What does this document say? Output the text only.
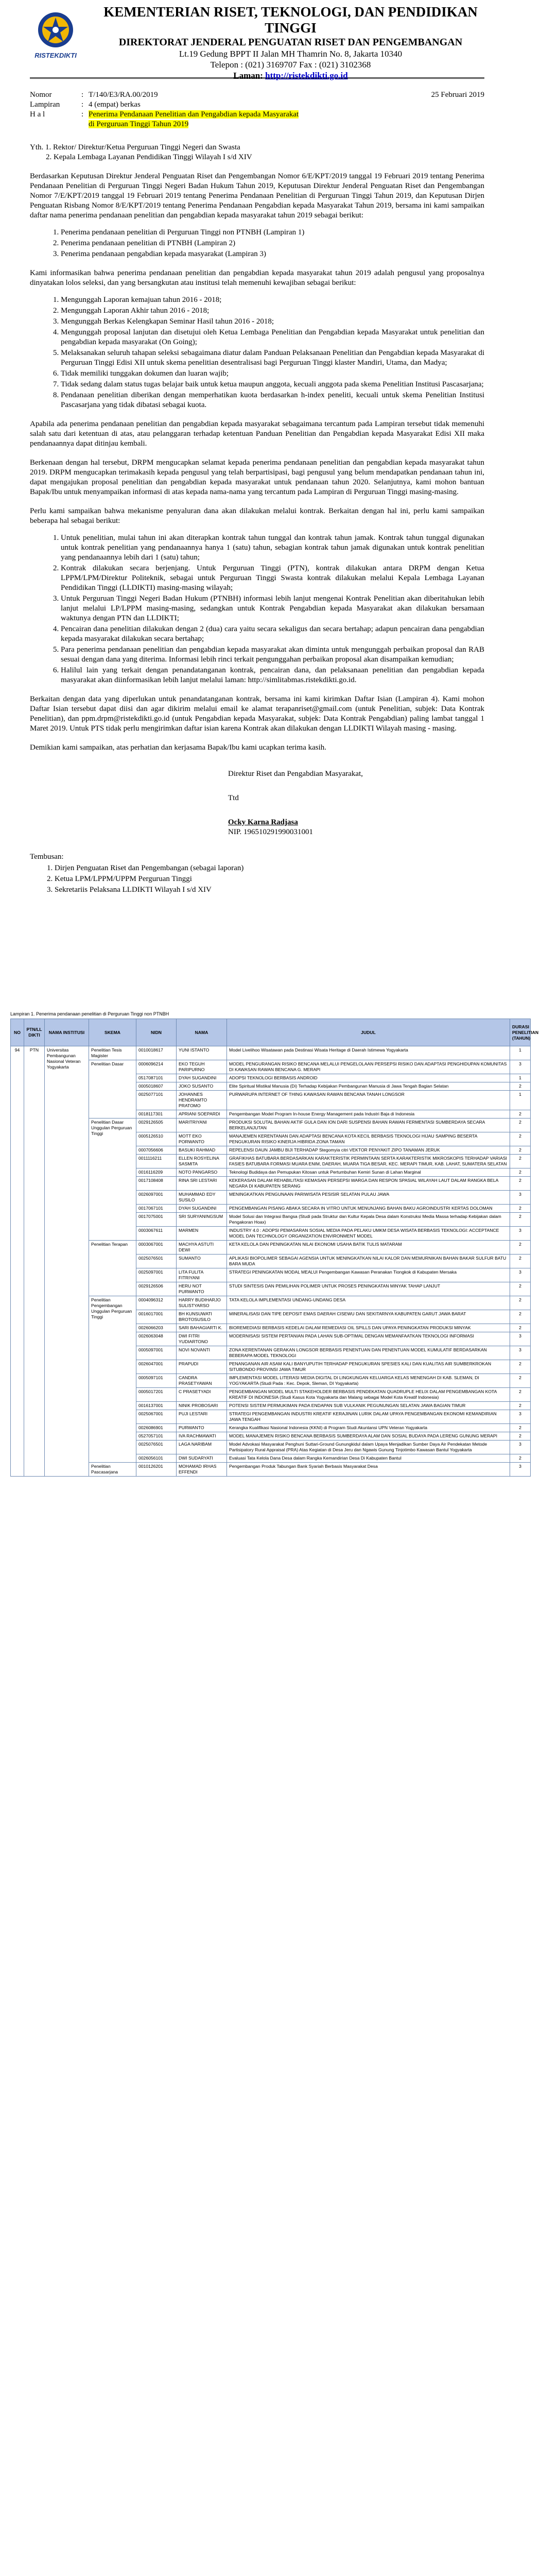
RISTEKDIKTI
KEMENTERIAN RISET, TEKNOLOGI, DAN PENDIDIKAN TINGGI
DIREKTORAT JENDERAL PENGUATAN RISET DAN PENGEMBANGAN
Lt.19 Gedung BPPT II Jalan MH Thamrin No. 8, Jakarta 10340
Telepon : (021) 3169707 Fax : (021) 3102368
Laman: http://ristekdikti.go.id
25 Februari 2019
Nomor	: T/140/E3/RA.00/2019
Lampiran	: 4 (empat) berkas
H a l	: Penerima Pendanaan Penelitian dan Pengabdian kepada Masyarakat
di Perguruan Tinggi Tahun 2019

Yth. 1. Rektor/ Direktur/Ketua Perguruan Tinggi Negeri dan Swasta

2. Kepala Lembaga Layanan Pendidikan Tinggi Wilayah I s/d XIV

Berdasarkan Keputusan Direktur Jenderal Penguatan Riset dan Pengembangan Nomor 6/E/KPT/2019 tanggal 19 Februari 2019 tentang Penerima Pendanaan Penelitian di Perguruan Tinggi Negeri Badan Hukum Tahun 2019, Keputusan Direktur Jenderal Penguatan Riset dan Pengembangan Nomor 7/E/KPT/2019 tanggal 19 Februari 2019 tentang Penerima Pendanaan Penelitian di Perguruan Tinggi Tahun 2019, dan Keputusan Dirjen Penguatan Risbang Nomor 8/E/KPT/2019 tentang Penerima Pendanaan Pengabdian kepada Masyarakat Tahun 2019, bersama ini kami sampaikan daftar nama penerima pendanaan penelitian dan pengabdian kepada masyarakat tahun 2019 sebagai berikut:

1. Penerima pendanaan penelitian di Perguruan Tinggi non PTNBH (Lampiran 1)
2. Penerima pendanaan penelitian di PTNBH (Lampiran 2)
3. Penerima pendanaan pengabdian kepada masyarakat (Lampiran 3)

Kami informasikan bahwa penerima pendanaan penelitian dan pengabdian kepada masyarakat tahun 2019 adalah pengusul yang proposalnya dinyatakan lolos seleksi, dan yang bersangkutan atau institusi telah memenuhi kewajiban sebagai berikut:

1. Mengunggah Laporan kemajuan tahun 2016 - 2018;
2. Mengunggah Laporan Akhir tahun 2016 - 2018;
3. Mengunggah Berkas Kelengkapan Seminar Hasil tahun 2016 - 2018;
4. Mengunggah proposal lanjutan dan disetujui oleh Ketua Lembaga Penelitian dan Pengabdian kepada Masyarakat untuk penelitian dan pengabdian kepada masyarakat (On Going);
5. Melaksanakan seluruh tahapan seleksi sebagaimana diatur dalam Panduan Pelaksanaan Penelitian dan Pengabdian kepada Masyarakat di Perguruan Tinggi Edisi XII untuk skema penelitian desentralisasi bagi Perguruan Tinggi klaster Mandiri, Utama, dan Madya;
6. Tidak memiliki tunggakan dokumen dan luaran wajib;
7. Tidak sedang dalam status tugas belajar baik untuk ketua maupun anggota, kecuali anggota pada skema Penelitian Institusi Pascasarjana;
8. Pendanaan penelitian diberikan dengan memperhatikan kuota berdasarkan h-index peneliti, kecuali untuk skema Penelitian Institusi Pascasarjana yang tidak dibatasi sebagai kuota.

Apabila ada penerima pendanaan penelitian dan pengabdian kepada masyarakat sebagaimana tercantum pada Lampiran tersebut tidak memenuhi salah satu dari ketentuan di atas, atau pelanggaran terhadap ketentuan Panduan Penelitian dan Pengabdian kepada Masyarakat Edisi XII maka pendanaannya dapat ditinjau kembali.

Berkenaan dengan hal tersebut, DRPM mengucapkan selamat kepada penerima pendanaan penelitian dan pengabdian kepada masyarakat tahun 2019. DRPM mengucapkan terimakasih kepada pengusul yang telah berpartisipasi, bagi pengusul yang belum mendapatkan pendanaan tahun ini, dapat mengajukan proposal penelitian dan pengabdian kepada masyarakat untuk pendanaan tahun 2020. Selanjutnya, kami mohon bantuan Bapak/Ibu untuk menyampaikan informasi di atas kepada nama-nama yang tercantum pada Lampiran di Perguruan Tinggi masing-masing.

Perlu kami sampaikan bahwa mekanisme penyaluran dana akan dilakukan melalui kontrak. Berkaitan dengan hal ini, perlu kami sampaikan beberapa hal sebagai berikut:

1. Untuk penelitian, mulai tahun ini akan diterapkan kontrak tahun tunggal dan kontrak tahun jamak. Kontrak tahun tunggal digunakan untuk kontrak penelitian yang pendanaannya hanya 1 (satu) tahun, sebagian kontrak tahun jamak digunakan untuk kontrak penelitian yang pendanaannya lebih dari 1 (satu) tahun;
2. Kontrak dilakukan secara berjenjang. Untuk Perguruan Tinggi (PTN), kontrak dilakukan antara DRPM dengan Ketua LPPM/LPM/Direktur Politeknik, sebagai untuk Perguruan Tinggi Swasta kontrak dilakukan melalui Kepala Lembaga Layanan Pendidikan Tinggi (LLDIKTI) masing-masing wilayah;
3. Untuk Perguruan Tinggi Negeri Badan Hukum (PTNBH) informasi lebih lanjut mengenai Kontrak Penelitian akan diberitahukan lebih lanjut melalui LP/LPPM masing-masing, sedangkan untuk Kontrak Pengabdian kepada Masyarakat akan dilakukan bersamaan waktunya dengan PTN dan LLDIKTI;
4. Pencairan dana penelitian dilakukan dengan 2 (dua) cara yaitu secara sekaligus dan secara bertahap; adapun pencairan dana pengabdian kepada masyarakat dilakukan secara bertahap;
5. Para penerima pendanaan penelitian dan pengabdian kepada masyarakat akan diminta untuk mengunggah perbaikan proposal dan RAB sesuai dengan dana yang diterima. Informasi lebih rinci terkait pengunggahan perbaikan proposal akan disampaikan kemudian;
6. Halilul lain yang terkait dengan penandatanganan kontrak, pencairan dana, dan pelaksanaan penelitian dan pengabdian kepada masyarakat akan diinformasikan lebih lanjut melalui laman: http://simlitabmas.ristekdikti.go.id.

Berkaitan dengan data yang diperlukan untuk penandatanganan kontrak, bersama ini kami kirimkan Daftar Isian (Lampiran 4). Kami mohon Daftar Isian tersebut dapat diisi dan agar dikirim melalui email ke alamat terapanriset@gmail.com (untuk Penelitian, subjek: Data Kontrak Penelitian), dan ppm.drpm@ristekdikti.go.id (untuk Pengabdian kepada Masyarakat, subjek: Data Kontrak Pengabdian) paling lambat tanggal 1 Maret 2019. Untuk PTS tidak perlu mengirimkan daftar isian karena Kontrak akan dilakukan dengan LLDIKTI Wilayah masing - masing.

Demikian kami sampaikan, atas perhatian dan kerjasama Bapak/Ibu kami ucapkan terima kasih.

Direktur Riset dan Pengabdian Masyarakat,
Ttd
Ocky Karna Radjasa
NIP. 196510291990031001
Tembusan:
1. Dirjen Penguatan Riset dan Pengembangan (sebagai laporan)
2. Ketua LPM/LPPM/UPPM Perguruan Tinggi
3. Sekretariis Pelaksana LLDIKTI Wilayah I s/d XIV
Lampiran 1. Penerima pendanaan penelitian di Perguruan Tinggi non PTNBH
NO	PTN/LL DIKTI	NAMA INSTITUSI	SKEMA	NIDN	NAMA	JUDUL	DURASI PENELITIAN (TAHUN)
94	PTN	Universitas Pembangunan Nasional Veteran Yogyakarta	Penelitian Tesis Magister	0010018617	YUNI ISTANTO	Model Livelihoo Wisatawan pada Destinasi Wisata Heritage di Daerah Istimewa Yogyakarta	1
			Penelitian Dasar	0006096214	EKO TEGUH PARIPURNO	MODEL PENGURANGAN RISIKO BENCANA MELALUI PENGELOLAAN PERSEPSI RISIKO DAN ADAPTASI PENGHIDUPAN KOMUNITAS DI KAWASAN RAWAN BENCANA G. MERAPI	3
				0517087101	DYAH SUGANDINI	ADOPSI TEKNOLOGI BERBASIS ANDROID	1
				0005018607	JOKO SUSANTO	Elite Spiritual Mistikal Manusia (Di) Terhadap Kebijakan Pembangunan Manusia di Jawa Tengah Bagian Selatan	2
				0025077101	JOHANNES HENDRAMTO PRATOMO	PURWARUPA INTERNET OF THING KAWASAN RAWAN BENCANA TANAH LONGSOR	1
				0018117301	APRIANI SOEPARDI	Pengembangan Model Program In-house Energy Management pada Industri Baja di Indonesia	2
			Penelitian Dasar Unggulan Perguruan Tinggi	0029126505	MARITRIYANI	PRODUKSI SOLUTAL BAHAN AKTIF GULA DAN ION DARI SUSPENSI BAHAN RAWAN FERMENTASI SUMBERDAYA SECARA BERKELANJUTAN	2
				0005126510	MOTT EKO PORWANTO	MANAJEMEN KERENTANAN DAN ADAPTASI BENCANA KOTA KECIL BERBASIS TEKNOLOGI HIJAU SAMPING BESERTA PENGUKURAN RISIKO KINERJA HIBRIDA ZONA TAMAN	2
				0007056606	BASUKI RAHMAD	REPELENSI DAUN JAMBU BIJI TERHADAP Stegomyia citri VEKTOR PENYAKIT ZIPO TANAMAN JERUK	2
				0011116211	ELLEN ROSYELINA SASMITA	GRAFIKHAS BATUBARA BERDASARKAN KARAKTERISTIK PERMINTAAN SERTA KARAKTERISTIK MIKROSKOPIS TERHADAP VARIASI FASIES BATUBARA FORMASI MUARA ENIM, DAERAH, MUARA TIGA BESAR, KEC. MERAPI TIMUR, KAB. LAHAT, SUMATERA SELATAN	2
				0016116209	NOTO PANGARSO	Teknologi Budidaya dan Pemupukan Kitosan untuk Pertumbuhan Kemiri Sunan di Lahan Marginal	2
				0017108408	RINA SRI LESTARI	KEKERASAN DALAM REHABILITASI KEMASAN PERSEPSI WARGA DAN RESPON SPASIAL WILAYAH LAUT DALAM RANGKA BELA NEGARA DI KABUPATEN SERANG	2
				0026097001	MUHAMMAD EDY SUSILO	MENINGKATKAN PENGUNAAN PARIWISATA PESISIR SELATAN PULAU JAWA	3
				0017067101	DYAH SUGANDINI	PENGEMBANGAN PISANG ABAKA SECARA IN VITRO UNTUK MENUNJANG BAHAN BAKU AGROINDUSTRI KERTAS DOLOMAN	2
				0017075001	SRI SURYANINGSUM	Model Solusi dan Integrasi Bangsa (Studi pada Struktur dan Kultur Kepala Desa dalam Konstruksi Media Massa terhadap Kebijakan dalam Pengakoran Hoax)	2
				0003067611	MARMEN	INDUSTRY 4.0 : ADOPSI PEMASARAN SOSIAL MEDIA PADA PELAKU UMKM DESA WISATA BERBASIS TEKNOLOGI: ACCEPTANCE MODEL DAN TECHNOLOGY ORGANIZATION ENVIRONMENT MODEL	3
			Penelitian Terapan	0003067001	MACHYA ASTUTI DEWI	KETA KELOLA DAN PENINGKATAN NILAI EKONOMI USAHA BATIK TULIS MATARAM	2
				0025076501	SUMANTO	APLIKASI BIOPOLIMER SEBAGAI AGENSIA UNTUK MENINGKATKAN NILAI KALOR DAN MEMURNIKAN BAHAN BAKAR SULFUR BATU BARA MUDA	2
				0025097001	LITA FULITA FITRIYANI	STRATEGI PENINGKATAN MODAL MEALUI Pengembangan Kawasan Peranakan Tiongkok di Kabupaten Mersaka	3
				0029126506	HERU NOT PURWANTO	STUDI SINTESIS DAN PEMILIHAN POLIMER UNTUK PROSES PENINGKATAN MINYAK TAHAP LANJUT	2
			Penelitian Pengembangan Unggulan Perguruan Tinggi	0004096312	HARRY BUDIHARJO SULISTYARSO	TATA KELOLA IMPLEMENTASI UNDANG-UNDANG DESA	2
				0016017001	BH KUNSUWATI BROTOSUSILO	MINERALISASI DAN TIPE DEPOSIT EMAS DAERAH CISEWU DAN SEKITARNYA KABUPATEN GARUT JAWA BARAT	2
				0026066203	SARI BAHAGIARTI K.	BIOREMEDIASI BERBASIS KEDELAI DALAM REMEDIASI OIL SPILLS DAN UPAYA PENINGKATAN PRODUKSI MINYAK	2
				0026063048	DWI FITRI YUDIARTONO	MODERNISASI SISTEM PERTANIAN PADA LAHAN SUB-OPTIMAL DENGAN MEMANFAATKAN TEKNOLOGI INFORMASI	3
				0005097001	NOVI NOVANTI	ZONA KERENTANAN GERAKAN LONGSOR BERBASIS PENENTUAN DAN PENENTUAN MODEL KUMULATIF BERDASARKAN BEBERAPA MODEL TEKNOLOGI	3
				0026047001	PRAPUDI	PENANGANAN AIR ASAM KALI BANYUPUTIH TERHADAP PENGUKURAN SPESIES KALI DAN KUALITAS AIR SUMBERKROKAN SITUBONDO PROVINSI JAWA TIMUR	2
				0005097101	CANDRA PRASETYAWAN	IMPLEMENTASI MODEL LITERASI MEDIA DIGITAL DI LINGKUNGAN KELUARGA KELAS MENENGAH DI KAB. SLEMAN, DI YOGYAKARTA (Studi Pada : Kec. Depok, Sleman, DI Yogyakarta)	2
				0005017201	C PRASETYADI	PENGEMBANGAN MODEL MULTI STAKEHOLDER BERBASIS PENDEKATAN QUADRUPLE HELIX DALAM PENGEMBANGAN KOTA KREATIF DI INDONESIA (Studi Kasus Kota Yogyakarta dan Malang sebagai Model Kota Kreatif Indonesia)	2
				0016137001	NINIK PROBOSARI	POTENSI SISTEM PERMUKIMAN PADA ENDAPAN SUB VULKANIK PEGUNUNGAN SELATAN JAWA BAGIAN TIMUR	2
				0025067001	PUJI LESTARI	STRATEGI PENGEMBANGAN INDUSTRI KREATIF KERAJINAN LURIK DALAM UPAYA PENGEMBANGAN EKONOMI KEMANDIRIAN JAWA TENGAH	3
				0026086901	PURWANTO	Kerangka Kualifikasi Nasional Indonesia (KKNI) di Program Studi Akuntansi UPN Veteran Yogyakarta	2
				0527057101	IVA RACHMAWATI	MODEL MANAJEMEN RISIKO BENCANA BERBASIS SUMBERDAYA ALAM DAN SOSIAL BUDAYA PADA LERENG GUNUNG MERAPI	2
				0025076501	LAGA NARIBAM	Model Advokasi Masyarakat Penghuni Suttari-Ground Gunungkidul dalam Upaya Menjadikan Sumber Daya Air Pendekatan Metode Partisipatory Rural Appraisal (PRA) Atas Kegiatan di Desa Jeru dan Ngawis Gunung Tinjotimbo Kawasan Bantul Yogyakarta	3
				0026056101	DWI SUDARYATI	Evaluasi Tata Kelola Dana Desa dalam Rangka Kemandirian Desa Di Kabupaten Bantul	2
			Penelitian Pascasarjana	0010126201	MOHAMAD IRHAS EFFENDI	Pengembangan Produk Tabungan Bank Syariah Berbasis Masyarakat Desa	3
